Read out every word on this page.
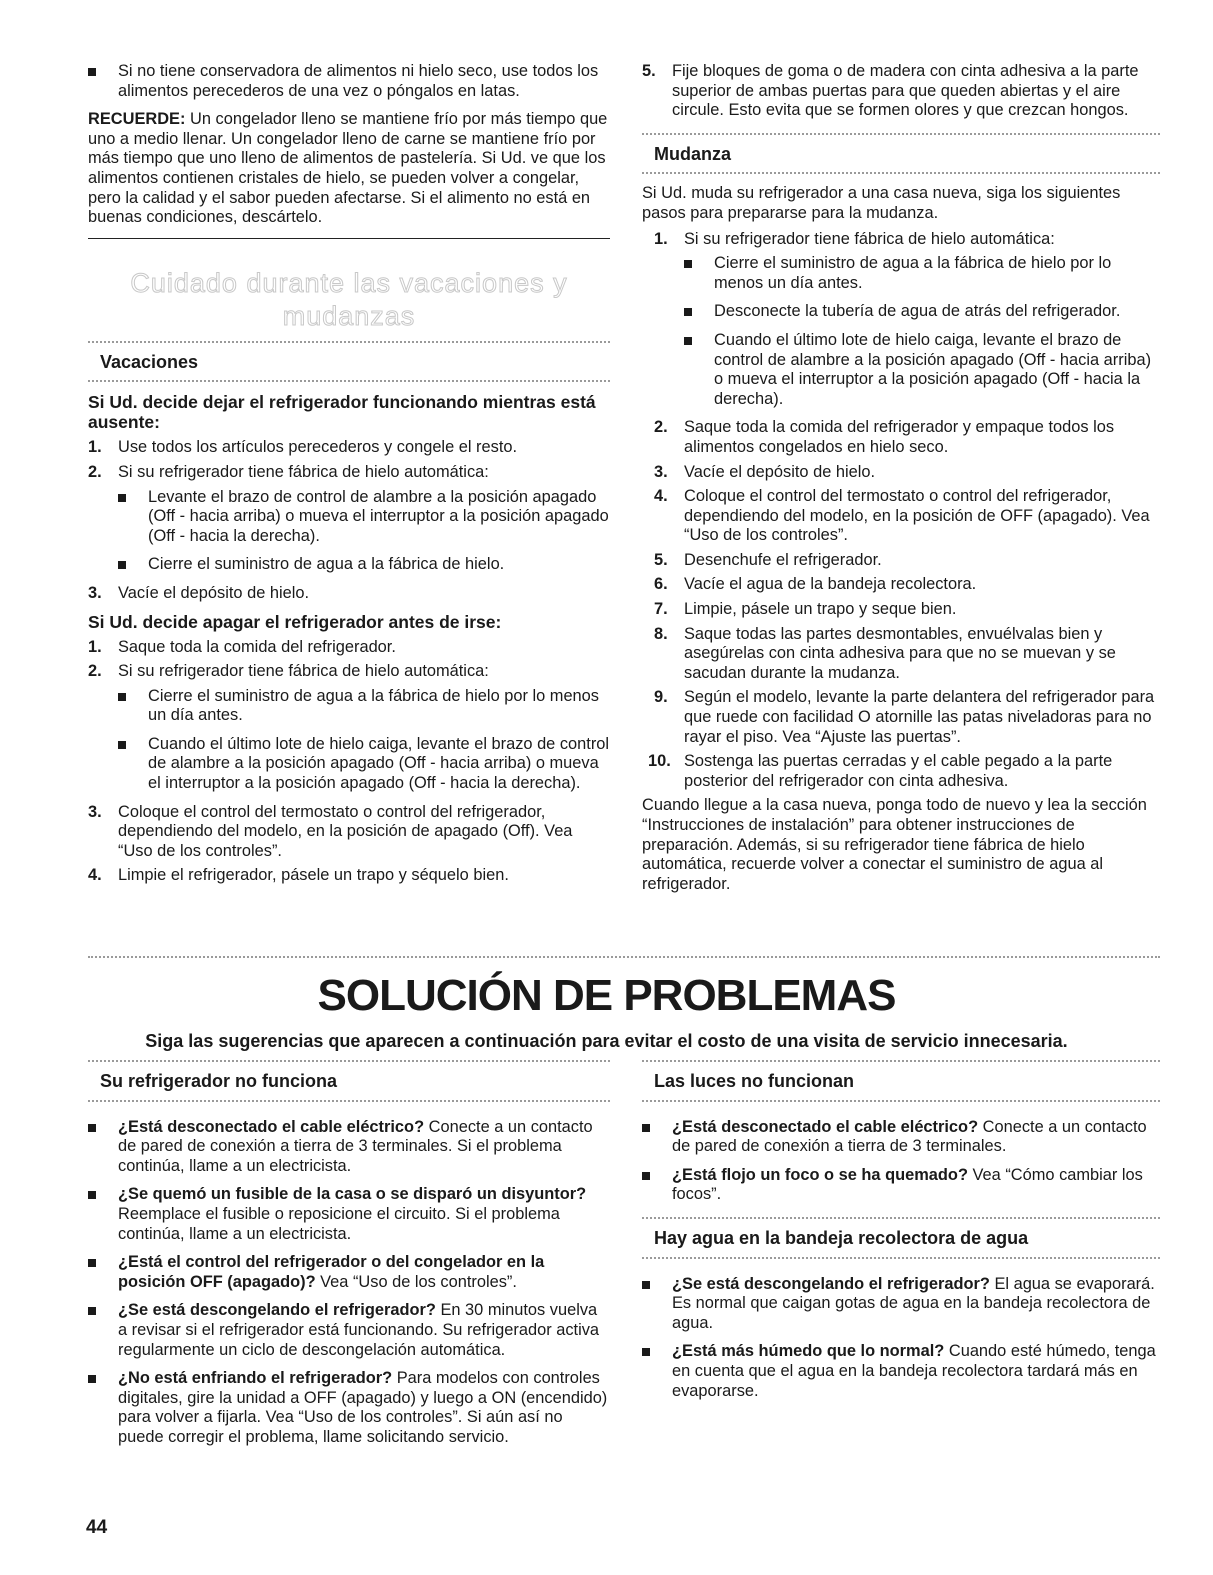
Si no tiene conservadora de alimentos ni hielo seco, use todos los alimentos perecederos de una vez o póngalos en latas.

RECUERDE: Un congelador lleno se mantiene frío por más tiempo que uno a medio llenar. Un congelador lleno de carne se mantiene frío por más tiempo que uno lleno de alimentos de pastelería. Si Ud. ve que los alimentos contienen cristales de hielo, se pueden volver a congelar, pero la calidad y el sabor pueden afectarse. Si el alimento no está en buenas condiciones, descártelo.

Cuidado durante las vacaciones y mudanzas
Vacaciones
Si Ud. decide dejar el refrigerador funcionando mientras está ausente:
1. Use todos los artículos perecederos y congele el resto.
2. Si su refrigerador tiene fábrica de hielo automática:

Levante el brazo de control de alambre a la posición apagado (Off - hacia arriba) o mueva el interruptor a la posición apagado (Off - hacia la derecha).

Cierre el suministro de agua a la fábrica de hielo.

3. Vacíe el depósito de hielo.
Si Ud. decide apagar el refrigerador antes de irse:
1. Saque toda la comida del refrigerador.
2. Si su refrigerador tiene fábrica de hielo automática:

Cierre el suministro de agua a la fábrica de hielo por lo menos un día antes.

Cuando el último lote de hielo caiga, levante el brazo de control de alambre a la posición apagado (Off - hacia arriba) o mueva el interruptor a la posición apagado (Off - hacia la derecha).

3. Coloque el control del termostato o control del refrigerador, dependiendo del modelo, en la posición de apagado (Off). Vea “Uso de los controles”.
4. Limpie el refrigerador, pásele un trapo y séquelo bien.
5. Fije bloques de goma o de madera con cinta adhesiva a la parte superior de ambas puertas para que queden abiertas y el aire circule. Esto evita que se formen olores y que crezcan hongos.
Mudanza

Si Ud. muda su refrigerador a una casa nueva, siga los siguientes pasos para prepararse para la mudanza.

1. Si su refrigerador tiene fábrica de hielo automática:

Cierre el suministro de agua a la fábrica de hielo por lo menos un día antes.

Desconecte la tubería de agua de atrás del refrigerador.

Cuando el último lote de hielo caiga, levante el brazo de control de alambre a la posición apagado (Off - hacia arriba) o mueva el interruptor a la posición apagado (Off - hacia la derecha).

2. Saque toda la comida del refrigerador y empaque todos los alimentos congelados en hielo seco.
3. Vacíe el depósito de hielo.
4. Coloque el control del termostato o control del refrigerador, dependiendo del modelo, en la posición de OFF (apagado). Vea “Uso de los controles”.
5. Desenchufe el refrigerador.
6. Vacíe el agua de la bandeja recolectora.
7. Limpie, pásele un trapo y seque bien.
8. Saque todas las partes desmontables, envuélvalas bien y asegúrelas con cinta adhesiva para que no se muevan y se sacudan durante la mudanza.
9. Según el modelo, levante la parte delantera del refrigerador para que ruede con facilidad O atornille las patas niveladoras para no rayar el piso. Vea “Ajuste las puertas”.
10. Sostenga las puertas cerradas y el cable pegado a la parte posterior del refrigerador con cinta adhesiva.

Cuando llegue a la casa nueva, ponga todo de nuevo y lea la sección “Instrucciones de instalación” para obtener instrucciones de preparación. Además, si su refrigerador tiene fábrica de hielo automática, recuerde volver a conectar el suministro de agua al refrigerador.

SOLUCIÓN DE PROBLEMAS
Siga las sugerencias que aparecen a continuación para evitar el costo de una visita de servicio innecesaria.
Su refrigerador no funciona

¿Está desconectado el cable eléctrico? Conecte a un contacto de pared de conexión a tierra de 3 terminales. Si el problema continúa, llame a un electricista.

¿Se quemó un fusible de la casa o se disparó un disyuntor? Reemplace el fusible o reposicione el circuito. Si el problema continúa, llame a un electricista.

¿Está el control del refrigerador o del congelador en la posición OFF (apagado)? Vea “Uso de los controles”.

¿Se está descongelando el refrigerador? En 30 minutos vuelva a revisar si el refrigerador está funcionando. Su refrigerador activa regularmente un ciclo de descongelación automática.

¿No está enfriando el refrigerador? Para modelos con controles digitales, gire la unidad a OFF (apagado) y luego a ON (encendido) para volver a fijarla. Vea “Uso de los controles”. Si aún así no puede corregir el problema, llame solicitando servicio.

Las luces no funcionan

¿Está desconectado el cable eléctrico? Conecte a un contacto de pared de conexión a tierra de 3 terminales.

¿Está flojo un foco o se ha quemado? Vea “Cómo cambiar los focos”.

Hay agua en la bandeja recolectora de agua

¿Se está descongelando el refrigerador? El agua se evaporará. Es normal que caigan gotas de agua en la bandeja recolectora de agua.

¿Está más húmedo que lo normal? Cuando esté húmedo, tenga en cuenta que el agua en la bandeja recolectora tardará más en evaporarse.

44
